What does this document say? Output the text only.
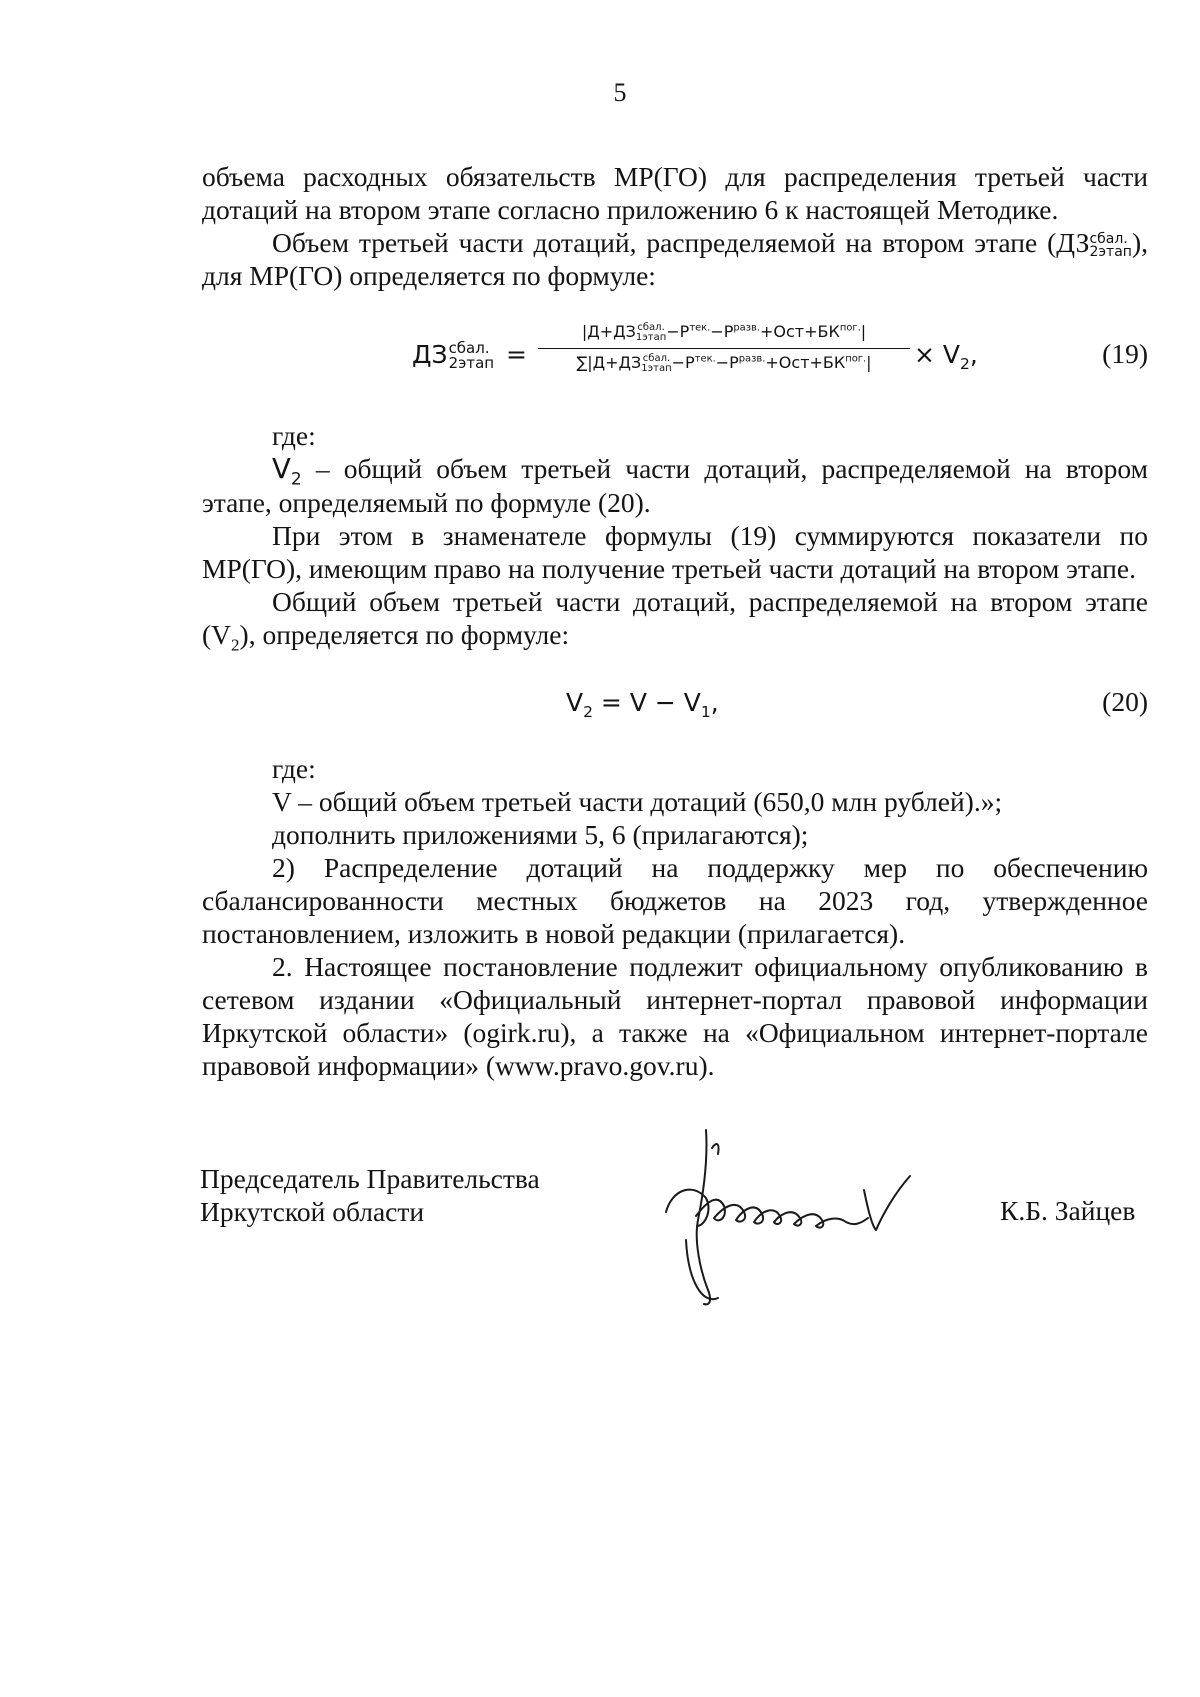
5

объема расходных обязательств МР(ГО) для распределения третьей части дотаций на втором этапе согласно приложению 6 к настоящей Методике.

Объем третьей части дотаций, распределяемой на втором этапе (ДЗ сбал.
2этап ), для МР(ГО) определяется по формуле:

ДЗ сбал.
2этап =
|Д+ДЗ сбал.
1этап $-Р^{тек.}-Р^{разв.}+Ост+БК^{пог.}|$
∑|Д+ДЗ сбал.
1этап $-Р^{тек.}-Р^{разв.}+Ост+БК^{пог.}|$	× $V_2$,	(19)

где:

$V_2$ – общий объем третьей части дотаций, распределяемой на втором этапе, определяемый по формуле (20).

При этом в знаменателе формулы (19) суммируются показатели по МР(ГО), имеющим право на получение третьей части дотаций на втором этапе.

Общий объем третьей части дотаций, распределяемой на втором этапе $(V_2)$, определяется по формуле:

$V_2 = V - V_1$,	(20)

где:

V – общий объем третьей части дотаций (650,0 млн рублей).»;

дополнить приложениями 5, 6 (прилагаются);

2) Распределение дотаций на поддержку мер по обеспечению сбалансированности местных бюджетов на 2023 год, утвержденное постановлением, изложить в новой редакции (прилагается).

2. Настоящее постановление подлежит официальному опубликованию в сетевом издании «Официальный интернет-портал правовой информации Иркутской области» (ogirk.ru), а также на «Официальном интернет-портале правовой информации» (www.pravo.gov.ru).

Председатель Правительства
Иркутской области	К.Б. Зайцев
